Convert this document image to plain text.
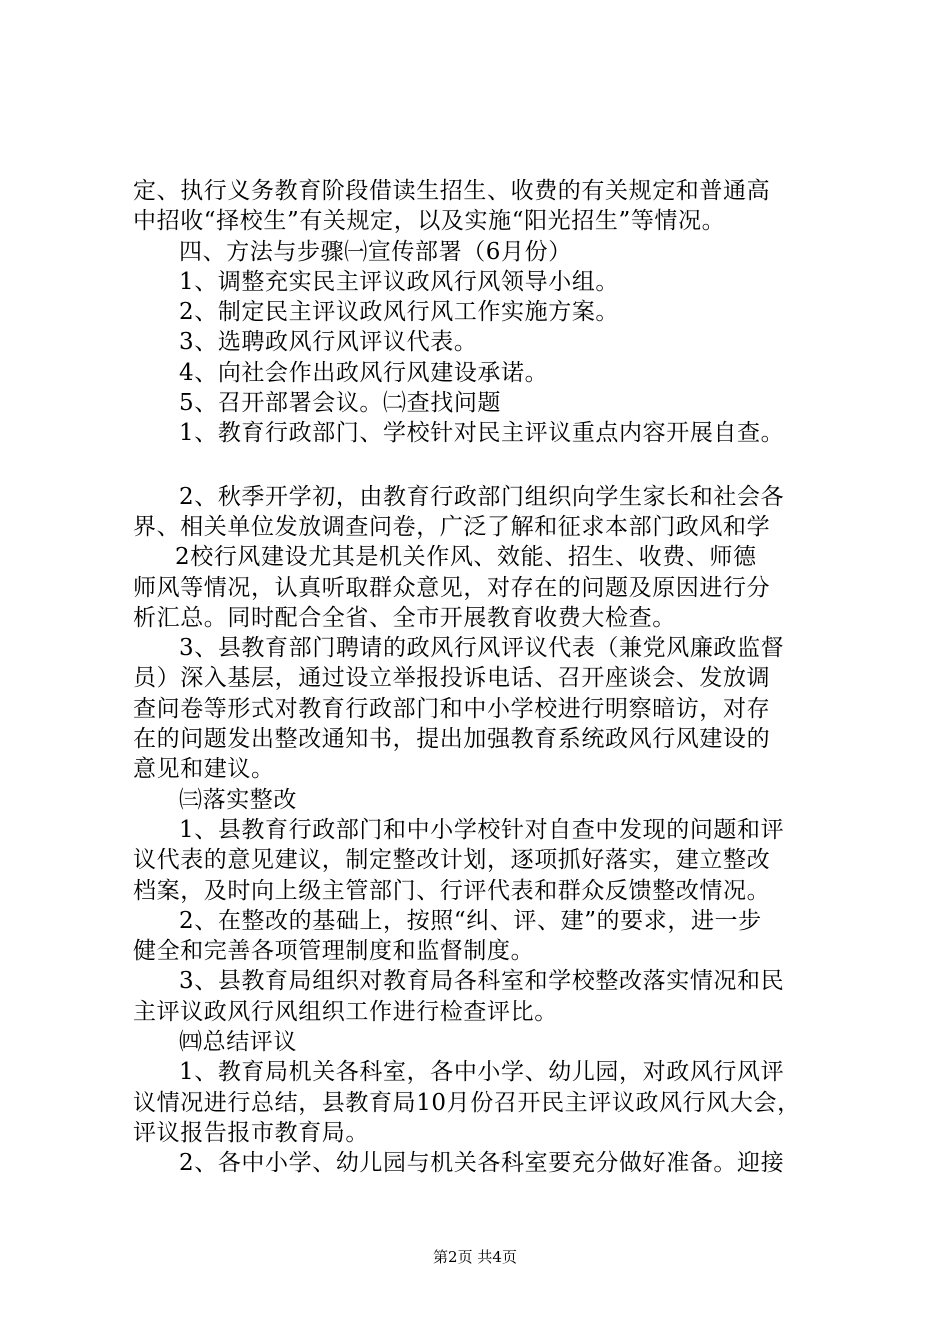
定、执行义务教育阶段借读生招生、收费的有关规定和普通高
中招收“择校生”有关规定，以及实施“阳光招生”等情况。
四、方法与步骤㈠宣传部署（6月份）
1、调整充实民主评议政风行风领导小组。
2、制定民主评议政风行风工作实施方案。
3、选聘政风行风评议代表。
4、向社会作出政风行风建设承诺。
5、召开部署会议。㈡查找问题
1、教育行政部门、学校针对民主评议重点内容开展自查。
2、秋季开学初，由教育行政部门组织向学生家长和社会各
界、相关单位发放调查问卷，广泛了解和征求本部门政风和学
2校行风建设尤其是机关作风、效能、招生、收费、师德
师风等情况，认真听取群众意见，对存在的问题及原因进行分
析汇总。同时配合全省、全市开展教育收费大检查。
3、县教育部门聘请的政风行风评议代表（兼党风廉政监督
员）深入基层，通过设立举报投诉电话、召开座谈会、发放调
查问卷等形式对教育行政部门和中小学校进行明察暗访，对存
在的问题发出整改通知书，提出加强教育系统政风行风建设的
意见和建议。
㈢落实整改
1、县教育行政部门和中小学校针对自查中发现的问题和评
议代表的意见建议，制定整改计划，逐项抓好落实，建立整改
档案，及时向上级主管部门、行评代表和群众反馈整改情况。
2、在整改的基础上，按照“纠、评、建”的要求，进一步
健全和完善各项管理制度和监督制度。
3、县教育局组织对教育局各科室和学校整改落实情况和民
主评议政风行风组织工作进行检查评比。
㈣总结评议
1、教育局机关各科室，各中小学、幼儿园，对政风行风评
议情况进行总结，县教育局10月份召开民主评议政风行风大会，
评议报告报市教育局。
2、各中小学、幼儿园与机关各科室要充分做好准备。迎接
第2页 共4页
